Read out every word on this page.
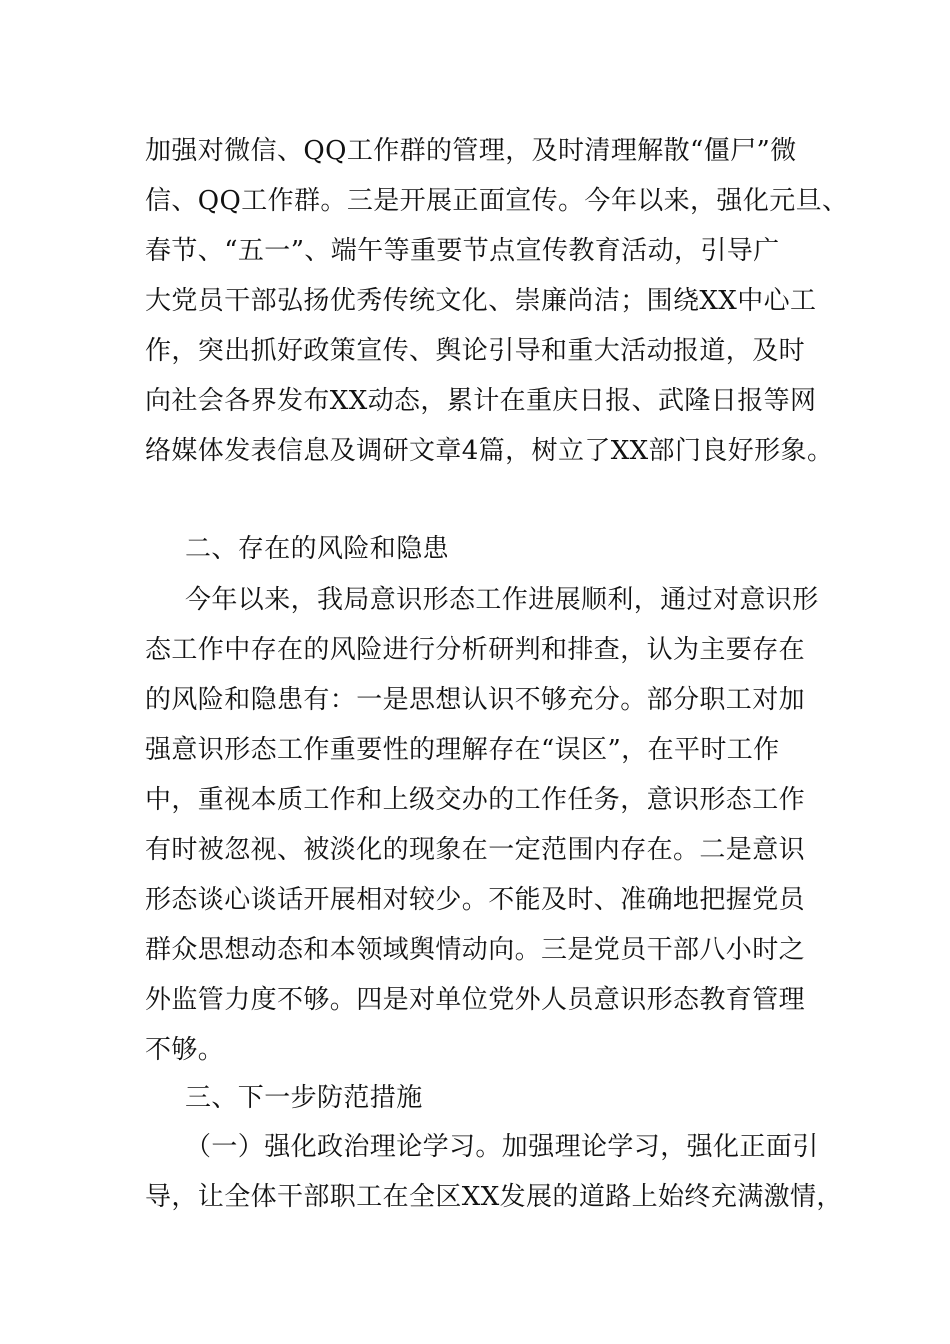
加强对微信、QQ工作群的管理，及时清理解散“僵尸”微
信、QQ工作群。三是开展正面宣传。今年以来，强化元旦、
春节、“五一”、端午等重要节点宣传教育活动，引导广
大党员干部弘扬优秀传统文化、崇廉尚洁；围绕XX中心工
作，突出抓好政策宣传、舆论引导和重大活动报道，及时
向社会各界发布XX动态，累计在重庆日报、武隆日报等网
络媒体发表信息及调研文章4篇，树立了XX部门良好形象。
二、存在的风险和隐患
今年以来，我局意识形态工作进展顺利，通过对意识形
态工作中存在的风险进行分析研判和排查，认为主要存在
的风险和隐患有：一是思想认识不够充分。部分职工对加
强意识形态工作重要性的理解存在“误区”，在平时工作
中，重视本质工作和上级交办的工作任务，意识形态工作
有时被忽视、被淡化的现象在一定范围内存在。二是意识
形态谈心谈话开展相对较少。不能及时、准确地把握党员
群众思想动态和本领域舆情动向。三是党员干部八小时之
外监管力度不够。四是对单位党外人员意识形态教育管理
不够。
三、下一步防范措施
（一）强化政治理论学习。加强理论学习，强化正面引
导，让全体干部职工在全区XX发展的道路上始终充满激情，
